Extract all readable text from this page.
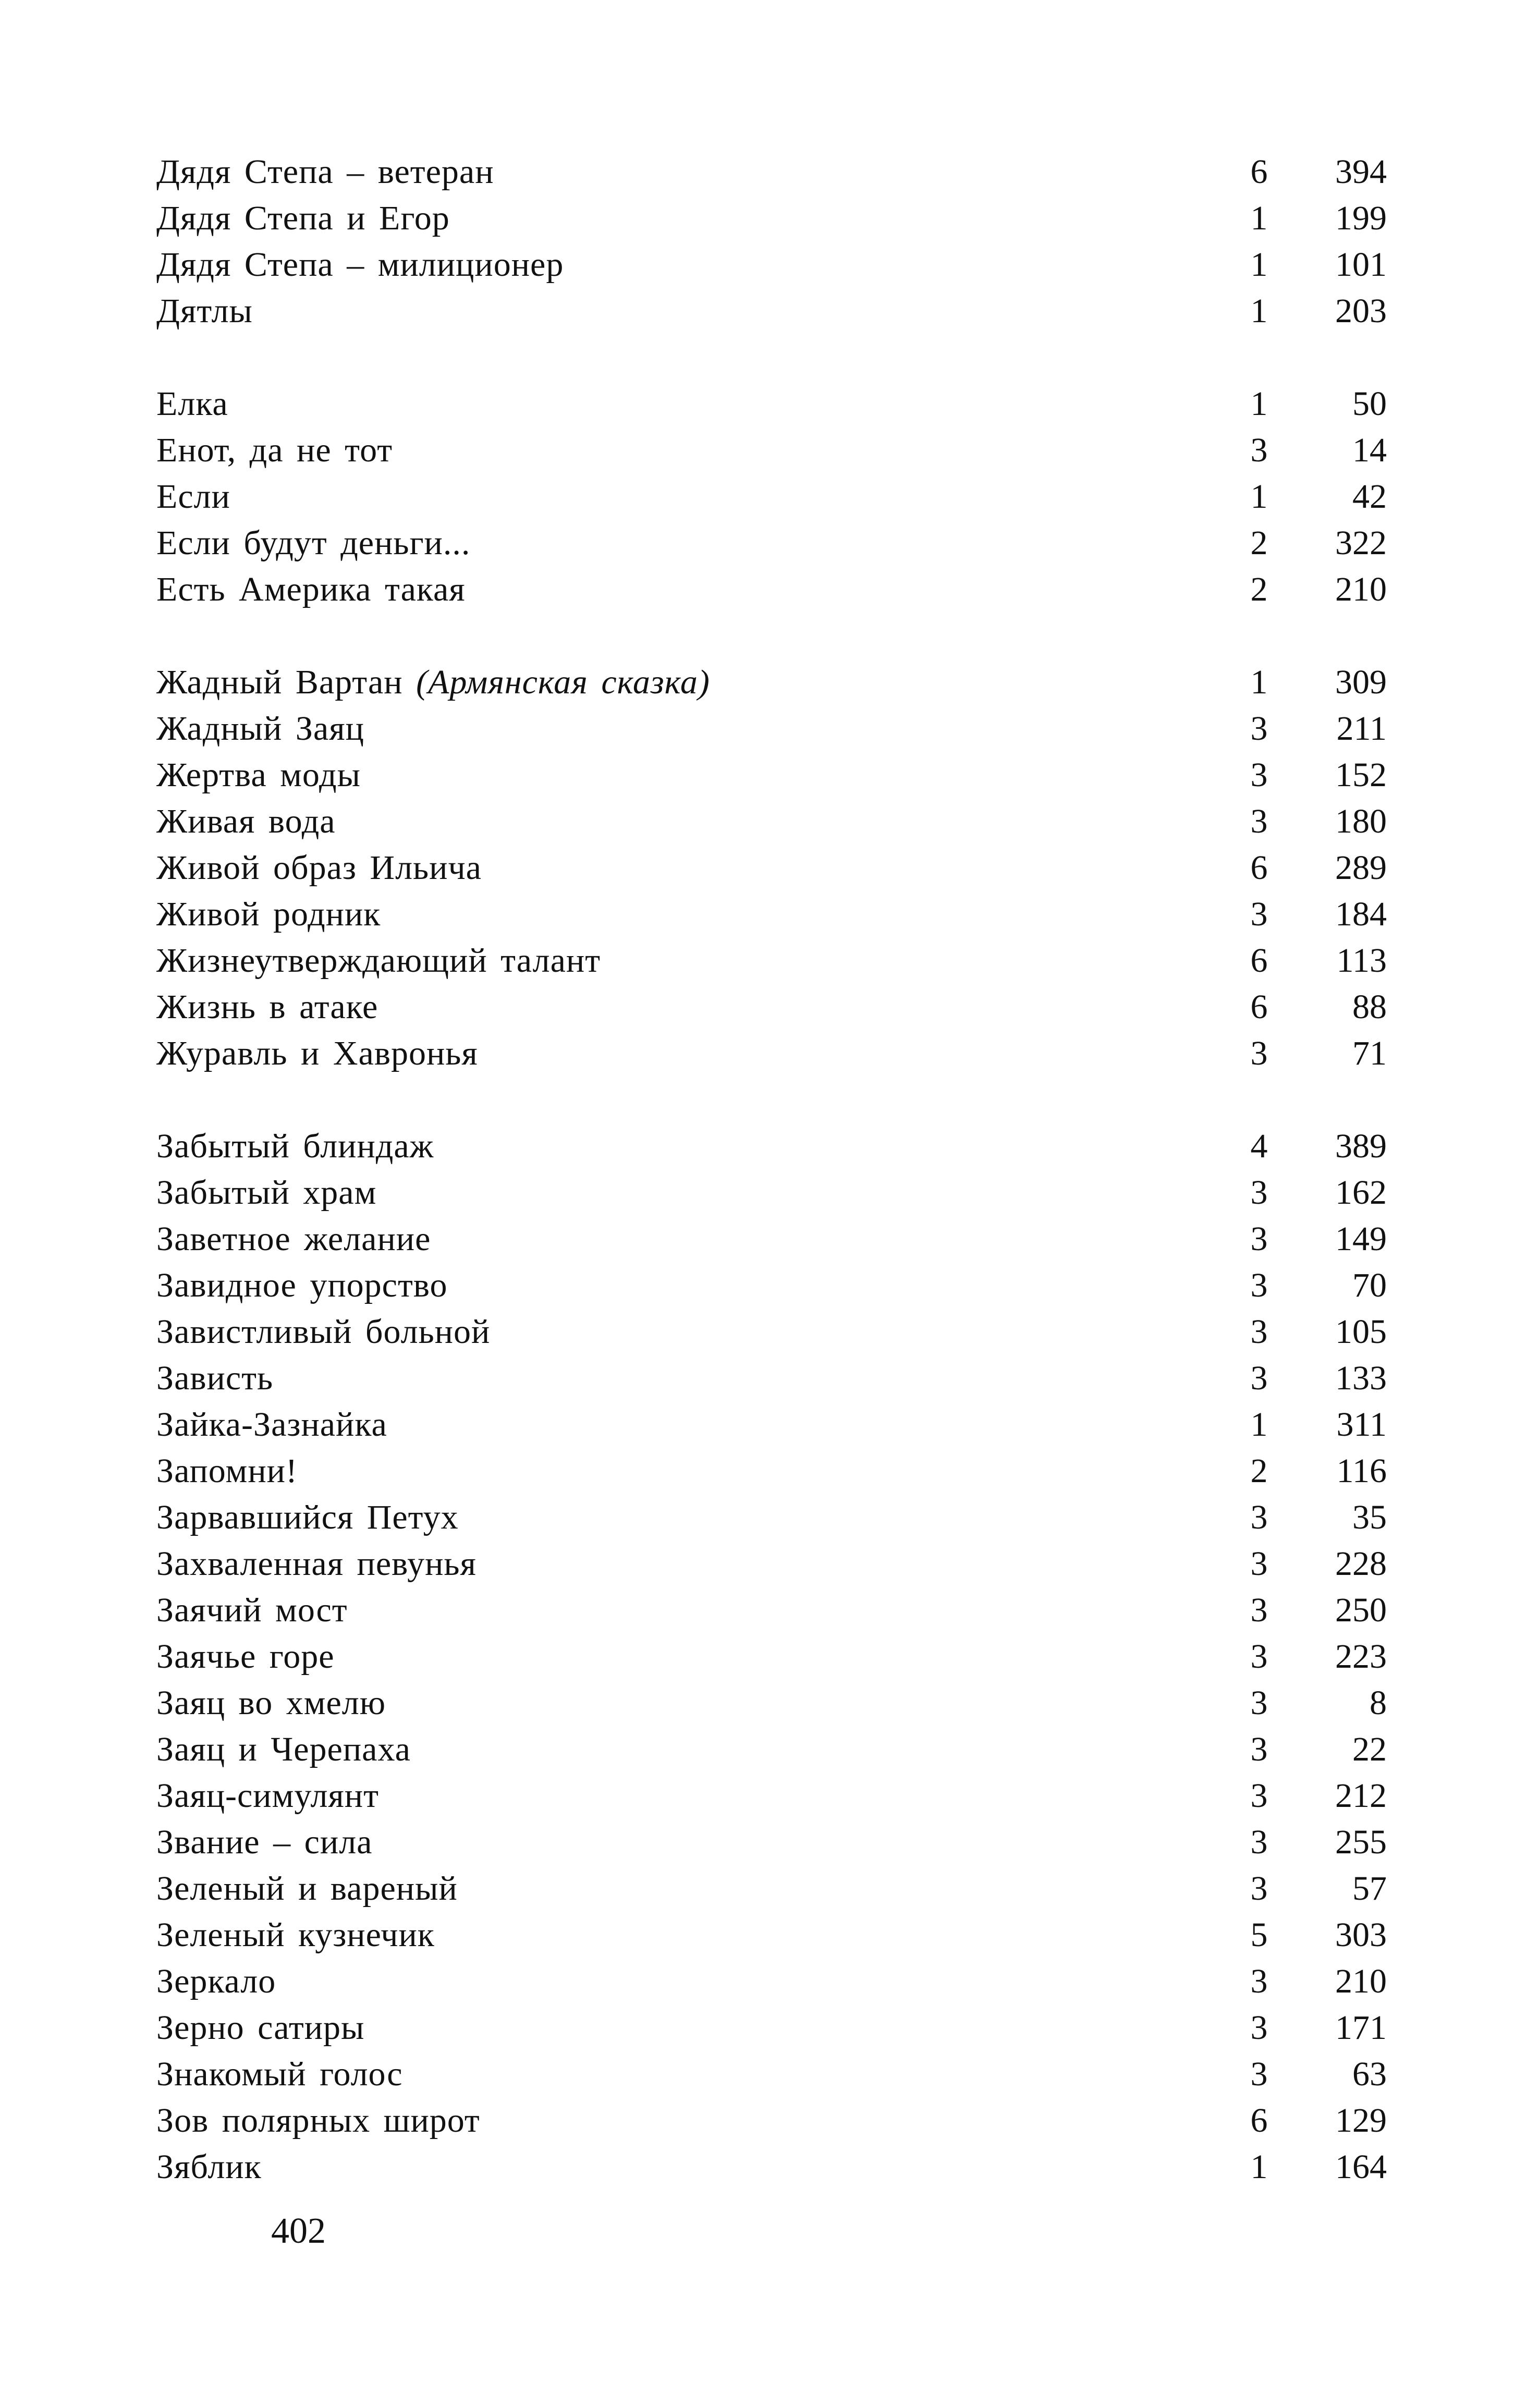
Дядя Степа – ветеран	6	394
Дядя Степа и Егор	1	199
Дядя Степа – милиционер	1	101
Дятлы	1	203
Елка	1	50
Енот, да не тот	3	14
Если	1	42
Если будут деньги...	2	322
Есть Америка такая	2	210
Жадный Вартан (Армянская сказка)	1	309
Жадный Заяц	3	211
Жертва моды	3	152
Живая вода	3	180
Живой образ Ильича	6	289
Живой родник	3	184
Жизнеутверждающий талант	6	113
Жизнь в атаке	6	88
Журавль и Хавронья	3	71
Забытый блиндаж	4	389
Забытый храм	3	162
Заветное желание	3	149
Завидное упорство	3	70
Завистливый больной	3	105
Зависть	3	133
Зайка-Зазнайка	1	311
Запомни!	2	116
Зарвавшийся Петух	3	35
Захваленная певунья	3	228
Заячий мост	3	250
Заячье горе	3	223
Заяц во хмелю	3	8
Заяц и Черепаха	3	22
Заяц-симулянт	3	212
Звание – сила	3	255
Зеленый и вареный	3	57
Зеленый кузнечик	5	303
Зеркало	3	210
Зерно сатиры	3	171
Знакомый голос	3	63
Зов полярных широт	6	129
Зяблик	1	164
402
